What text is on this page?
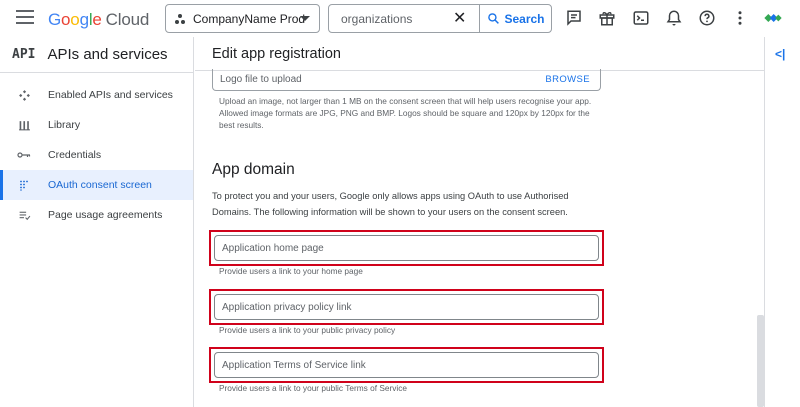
Google Cloud	CompanyName Prod
organizations	✕	Search
API APIs and services
Enabled APIs and services
Library
Credentials
OAuth consent screen
Page usage agreements
Edit app registration
Logo file to upload	BROWSE
Upload an image, not larger than 1 MB on the consent screen that will help users recognise your app. Allowed image formats are JPG, PNG and BMP. Logos should be square and 120px by 120px for the best results.
App domain
To protect you and your users, Google only allows apps using OAuth to use Authorised Domains. The following information will be shown to your users on the consent screen.
Application home page
Provide users a link to your home page
Application privacy policy link
Provide users a link to your public privacy policy
Application Terms of Service link
Provide users a link to your public Terms of Service
<|
